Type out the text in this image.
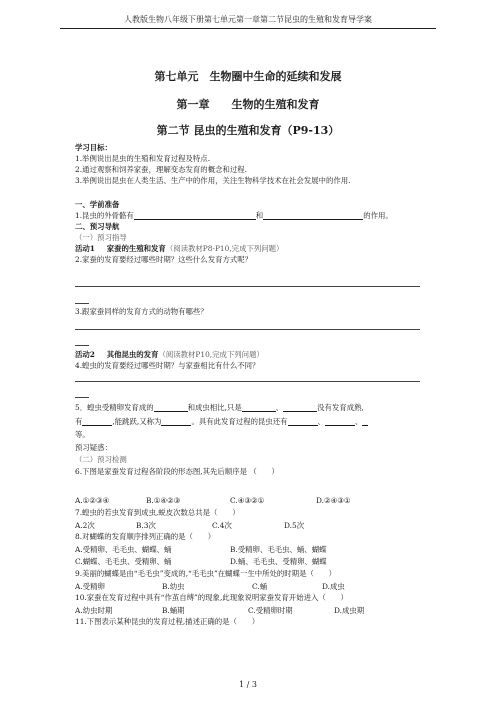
人教版生物八年级下册第七单元第一章第二节昆虫的生殖和发育导学案
第七单元　生物圈中生命的延续和发展
第一章　　生物的生殖和发育
第二节 昆虫的生殖和发育（P9-13）
学习目标：
1.举例说出昆虫的生殖和发育过程及特点.
2.通过观察和饲养家蚕，理解变态发育的概念和过程.
3.举例说出昆虫在人类生活、生产中的作用，关注生物科学技术在社会发展中的作用.
一、学前准备
1.昆虫的外骨骼有	和	的作用。
二、预习导航
（一）预习指导
活动1 家蚕的生殖和发育（阅读教材P8-P10,完成下列问题）
2.家蚕的发育要经过哪些时期？这些什么发育方式呢？
3.跟家蚕同样的发育方式的动物有哪些？
活动2 其他昆虫的发育（阅读教材P10,完成下列问题）
4.蝗虫的发育要经过哪些时期？与家蚕相比有什么不同？
5．蝗虫受精卵发育成的	和成虫相比,只是	、	没有发育成熟,
有	,能跳跃,又称为	。具有此发育过程的昆虫还有	、	、
等。
预习疑惑：
（二）预习检测
6.下图是家蚕发育过程各阶段的形态图,其先后顺序是 （　　）
A.①②③④	B.①④②③	C.④③②①	D.②④③①
7.蝗虫的若虫发育到成虫,蜕皮次数总共是（　　）
A.2次	B.3次	C.4次	D.5次
8.对蝴蝶的发育顺序排列正确的是（　　）
A.受精卵、毛毛虫、蝴蝶、蛹	B.受精卵、毛毛虫、蛹、蝴蝶
C.蝴蝶、毛毛虫、受精卵、蛹	D.蛹、毛毛虫、受精卵、蝴蝶
9.美丽的蝴蝶是由“毛毛虫”变成的,“毛毛虫”在蝴蝶一生中所处的时期是（　　）
A.受精卵	B.幼虫	C.蛹	D.成虫
10.家蚕在发育过程中具有“作茧自缚”的现象,此现象说明家蚕发育开始进入（　　）
A.幼虫时期	B.蛹期	C.受精卵时期	D.成虫期
11.下图表示某种昆虫的发育过程,描述正确的是（　　）
1 / 3
